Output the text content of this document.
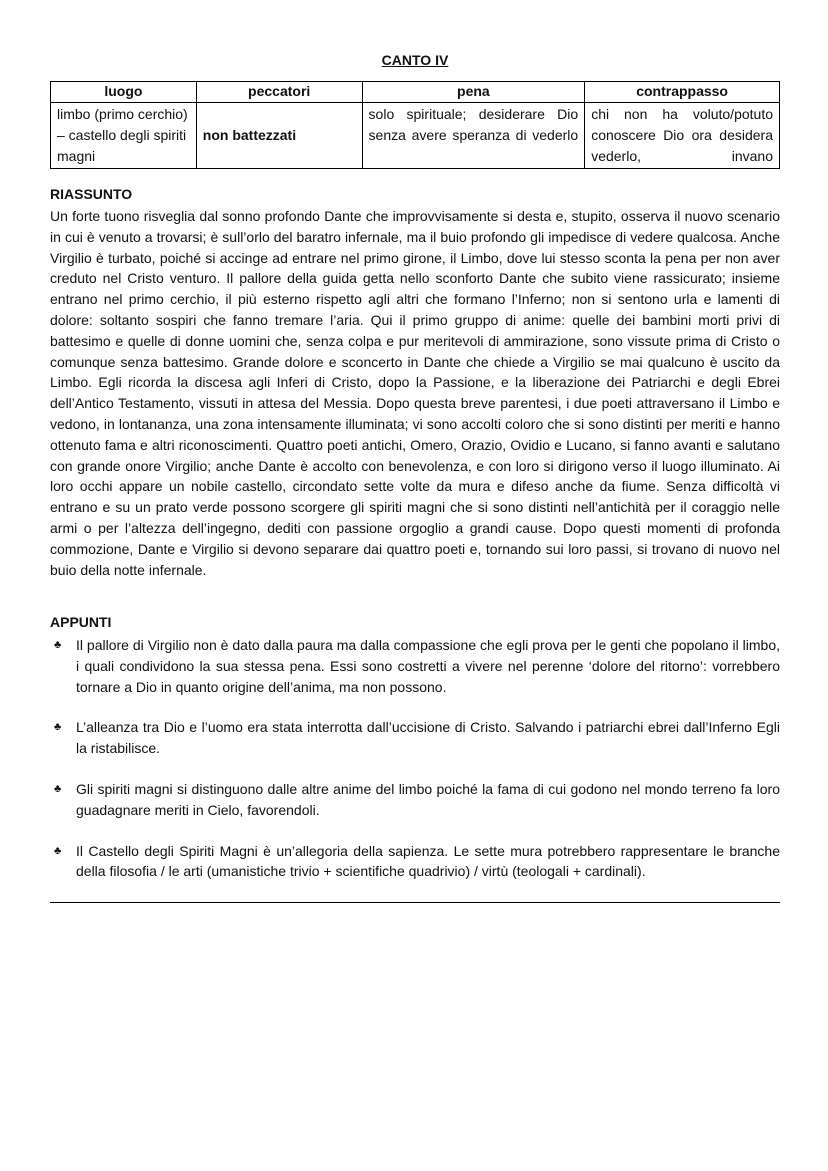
CANTO IV
luogo	peccatori	pena	contrappasso
limbo (primo cerchio) – castello degli spiriti magni	non battezzati	solo spirituale; desiderare Dio senza avere speranza di vederlo	chi non ha voluto/potuto conoscere Dio ora desidera vederlo, invano
RIASSUNTO

Un forte tuono risveglia dal sonno profondo Dante che improvvisamente si desta e, stupito, osserva il nuovo scenario in cui è venuto a trovarsi; è sull’orlo del baratro infernale, ma il buio profondo gli impedisce di vedere qualcosa. Anche Virgilio è turbato, poiché si accinge ad entrare nel primo girone, il Limbo, dove lui stesso sconta la pena per non aver creduto nel Cristo venturo. Il pallore della guida getta nello sconforto Dante che subito viene rassicurato; insieme entrano nel primo cerchio, il più esterno rispetto agli altri che formano l’Inferno; non si sentono urla e lamenti di dolore: soltanto sospiri che fanno tremare l’aria. Qui il primo gruppo di anime: quelle dei bambini morti privi di battesimo e quelle di donne uomini che, senza colpa e pur meritevoli di ammirazione, sono vissute prima di Cristo o comunque senza battesimo. Grande dolore e sconcerto in Dante che chiede a Virgilio se mai qualcuno è uscito da Limbo. Egli ricorda la discesa agli Inferi di Cristo, dopo la Passione, e la liberazione dei Patriarchi e degli Ebrei dell’Antico Testamento, vissuti in attesa del Messia. Dopo questa breve parentesi, i due poeti attraversano il Limbo e vedono, in lontananza, una zona intensamente illuminata; vi sono accolti coloro che si sono distinti per meriti e hanno ottenuto fama e altri riconoscimenti. Quattro poeti antichi, Omero, Orazio, Ovidio e Lucano, si fanno avanti e salutano con grande onore Virgilio; anche Dante è accolto con benevolenza, e con loro si dirigono verso il luogo illuminato. Ai loro occhi appare un nobile castello, circondato sette volte da mura e difeso anche da fiume. Senza difficoltà vi entrano e su un prato verde possono scorgere gli spiriti magni che si sono distinti nell’antichità per il coraggio nelle armi o per l’altezza dell’ingegno, dediti con passione orgoglio a grandi cause. Dopo questi momenti di profonda commozione, Dante e Virgilio si devono separare dai quattro poeti e, tornando sui loro passi, si trovano di nuovo nel buio della notte infernale.

APPUNTI
♣ Il pallore di Virgilio non è dato dalla paura ma dalla compassione che egli prova per le genti che popolano il limbo, i quali condividono la sua stessa pena. Essi sono costretti a vivere nel perenne ‘dolore del ritorno’: vorrebbero tornare a Dio in quanto origine dell’anima, ma non possono.
♣ L’alleanza tra Dio e l’uomo era stata interrotta dall’uccisione di Cristo. Salvando i patriarchi ebrei dall’Inferno Egli la ristabilisce.
♣ Gli spiriti magni si distinguono dalle altre anime del limbo poiché la fama di cui godono nel mondo terreno fa loro guadagnare meriti in Cielo, favorendoli.
♣ Il Castello degli Spiriti Magni è un’allegoria della sapienza. Le sette mura potrebbero rappresentare le branche della filosofia / le arti (umanistiche trivio + scientifiche quadrivio) / virtù (teologali + cardinali).
